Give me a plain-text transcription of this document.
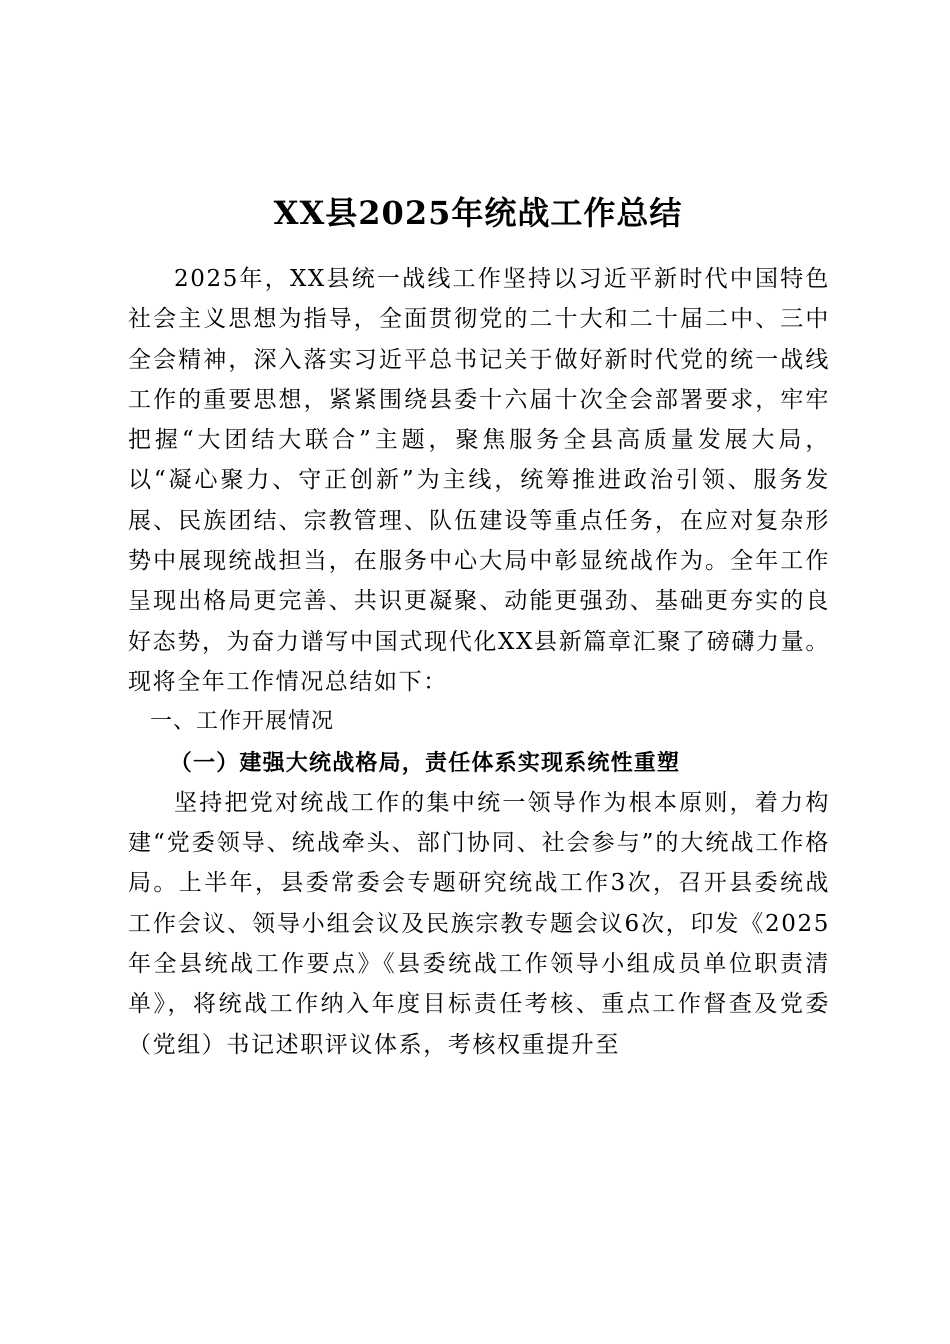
XX县2025年统战工作总结

2025年，XX县统一战线工作坚持以习近平新时代中国特色社会主义思想为指导，全面贯彻党的二十大和二十届二中、三中全会精神，深入落实习近平总书记关于做好新时代党的统一战线工作的重要思想，紧紧围绕县委十六届十次全会部署要求，牢牢把握“大团结大联合”主题，聚焦服务全县高质量发展大局，以“凝心聚力、守正创新”为主线，统筹推进政治引领、服务发展、民族团结、宗教管理、队伍建设等重点任务，在应对复杂形势中展现统战担当，在服务中心大局中彰显统战作为。全年工作呈现出格局更完善、共识更凝聚、动能更强劲、基础更夯实的良好态势，为奋力谱写中国式现代化XX县新篇章汇聚了磅礴力量。现将全年工作情况总结如下：

一、工作开展情况

（一）建强大统战格局，责任体系实现系统性重塑

坚持把党对统战工作的集中统一领导作为根本原则，着力构建“党委领导、统战牵头、部门协同、社会参与”的大统战工作格局。上半年，县委常委会专题研究统战工作3次，召开县委统战工作会议、领导小组会议及民族宗教专题会议6次，印发《2025年全县统战工作要点》《县委统战工作领导小组成员单位职责清单》，将统战工作纳入年度目标责任考核、重点工作督查及党委（党组）书记述职评议体系，考核权重提升至
